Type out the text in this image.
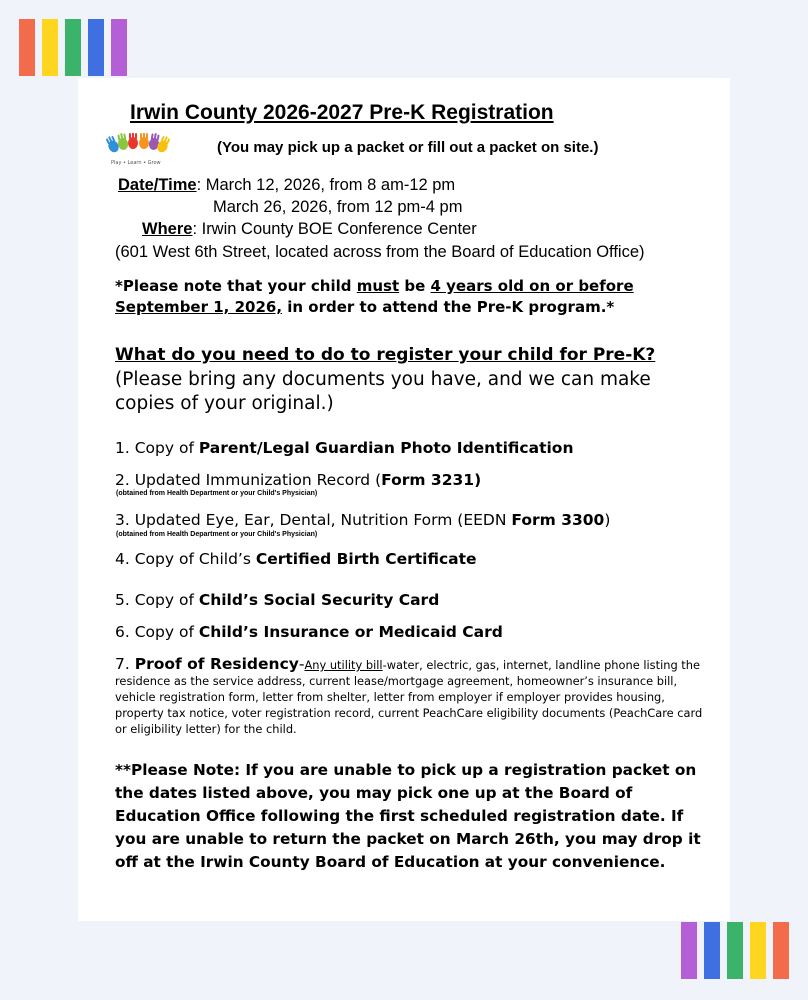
Irwin County 2026-2027 Pre-K Registration
Play • Learn • Grow
(You may pick up a packet or fill out a packet on site.)
Date/Time: March 12, 2026, from 8 am-12 pm
March 26, 2026, from 12 pm-4 pm
Where: Irwin County BOE Conference Center
(601 West 6th Street, located across from the Board of Education Office)
*Please note that your child must be 4 years old on or before
September 1, 2026, in order to attend the Pre-K program.*
What do you need to do to register your child for Pre-K?
(Please bring any documents you have, and we can make copies of your original.)
1. Copy of Parent/Legal Guardian Photo Identification
2. Updated Immunization Record (Form 3231)
(obtained from Health Department or your Child's Physician)
3. Updated Eye, Ear, Dental, Nutrition Form (EEDN Form 3300)
(obtained from Health Department or your Child's Physician)
4. Copy of Child’s Certified Birth Certificate
5. Copy of Child’s Social Security Card
6. Copy of Child’s Insurance or Medicaid Card
7. Proof of Residency-Any utility bill-water, electric, gas, internet, landline phone listing the residence as the service address, current lease/mortgage agreement, homeowner’s insurance bill, vehicle registration form, letter from shelter, letter from employer if employer provides housing, property tax notice, voter registration record, current PeachCare eligibility documents (PeachCare card or eligibility letter) for the child.
**Please Note: If you are unable to pick up a registration packet on the dates listed above, you may pick one up at the Board of Education Office following the first scheduled registration date. If you are unable to return the packet on March 26th, you may drop it off at the Irwin County Board of Education at your convenience.
